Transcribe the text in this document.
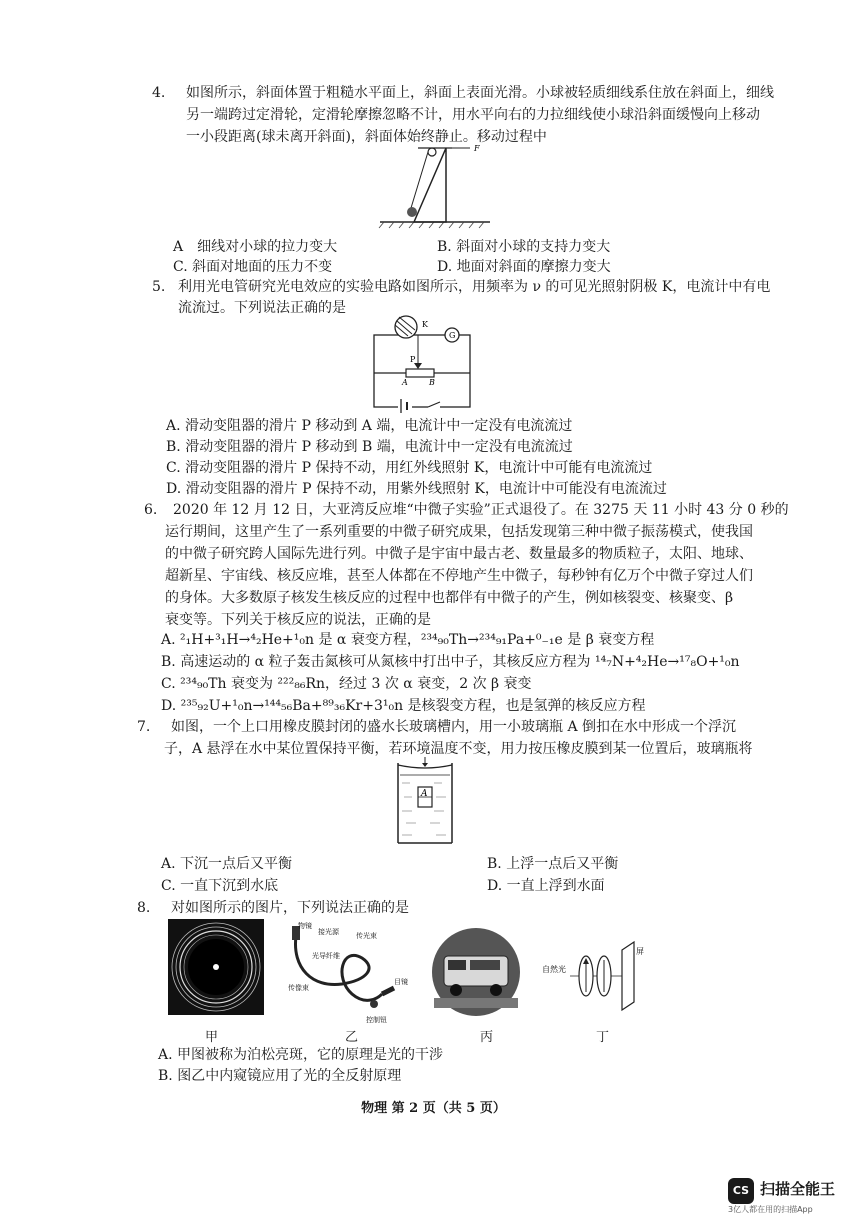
4. 如图所示，斜面体置于粗糙水平面上，斜面上表面光滑。小球被轻质细线系住放在斜面上，细线
另一端跨过定滑轮，定滑轮摩擦忽略不计，用水平向右的力拉细线使小球沿斜面缓慢向上移动
一小段距离(球未离开斜面)，斜面体始终静止。移动过程中
F
A　细线对小球的拉力变大	B. 斜面对小球的支持力变大
C. 斜面对地面的压力不变	D. 地面对斜面的摩擦力变大
5. 利用光电管研究光电效应的实验电路如图所示，用频率为 ν 的可见光照射阴极 K，电流计中有电
流流过。下列说法正确的是
K
G
P
A	B
A. 滑动变阻器的滑片 P 移动到 A 端，电流计中一定没有电流流过
B. 滑动变阻器的滑片 P 移动到 B 端，电流计中一定没有电流流过
C. 滑动变阻器的滑片 P 保持不动，用红外线照射 K，电流计中可能有电流流过
D. 滑动变阻器的滑片 P 保持不动，用紫外线照射 K，电流计中可能没有电流流过
6. 2020 年 12 月 12 日，大亚湾反应堆“中微子实验”正式退役了。在 3275 天 11 小时 43 分 0 秒的
运行期间，这里产生了一系列重要的中微子研究成果，包括发现第三种中微子振荡模式，使我国
的中微子研究跨人国际先进行列。中微子是宇宙中最古老、数量最多的物质粒子，太阳、地球、
超新星、宇宙线、核反应堆，甚至人体都在不停地产生中微子，每秒钟有亿万个中微子穿过人们
的身体。大多数原子核发生核反应的过程中也都伴有中微子的产生，例如核裂变、核聚变、β
衰变等。下列关于核反应的说法，正确的是
A. ²₁H+³₁H→⁴₂He+¹₀n 是 α 衰变方程，²³⁴₉₀Th→²³⁴₉₁Pa+⁰₋₁e 是 β 衰变方程
B. 高速运动的 α 粒子轰击氮核可从氮核中打出中子，其核反应方程为 ¹⁴₇N+⁴₂He→¹⁷₈O+¹₀n
C. ²³⁴₉₀Th 衰变为 ²²²₈₆Rn，经过 3 次 α 衰变，2 次 β 衰变
D. ²³⁵₉₂U+¹₀n→¹⁴⁴₅₆Ba+⁸⁹₃₆Kr+3¹₀n 是核裂变方程，也是氢弹的核反应方程
7. 如图，一个上口用橡皮膜封闭的盛水长玻璃槽内，用一小玻璃瓶 A 倒扣在水中形成一个浮沉
子，A 悬浮在水中某位置保持平衡，若环境温度不变，用力按压橡皮膜到某一位置后，玻璃瓶将
A
A. 下沉一点后又平衡	B. 上浮一点后又平衡
C. 一直下沉到水底	D. 一直上浮到水面
8. 对如图所示的图片，下列说法正确的是
物镜
接光源 传光束
光导纤维
传像束
目镜
控制钮
自然光
屏
甲	乙	丙	丁
A. 甲图被称为泊松亮斑，它的原理是光的干涉
B. 图乙中内窥镜应用了光的全反射原理
物理 第 2 页（共 5 页）
CS 扫描全能王
3亿人都在用的扫描App
